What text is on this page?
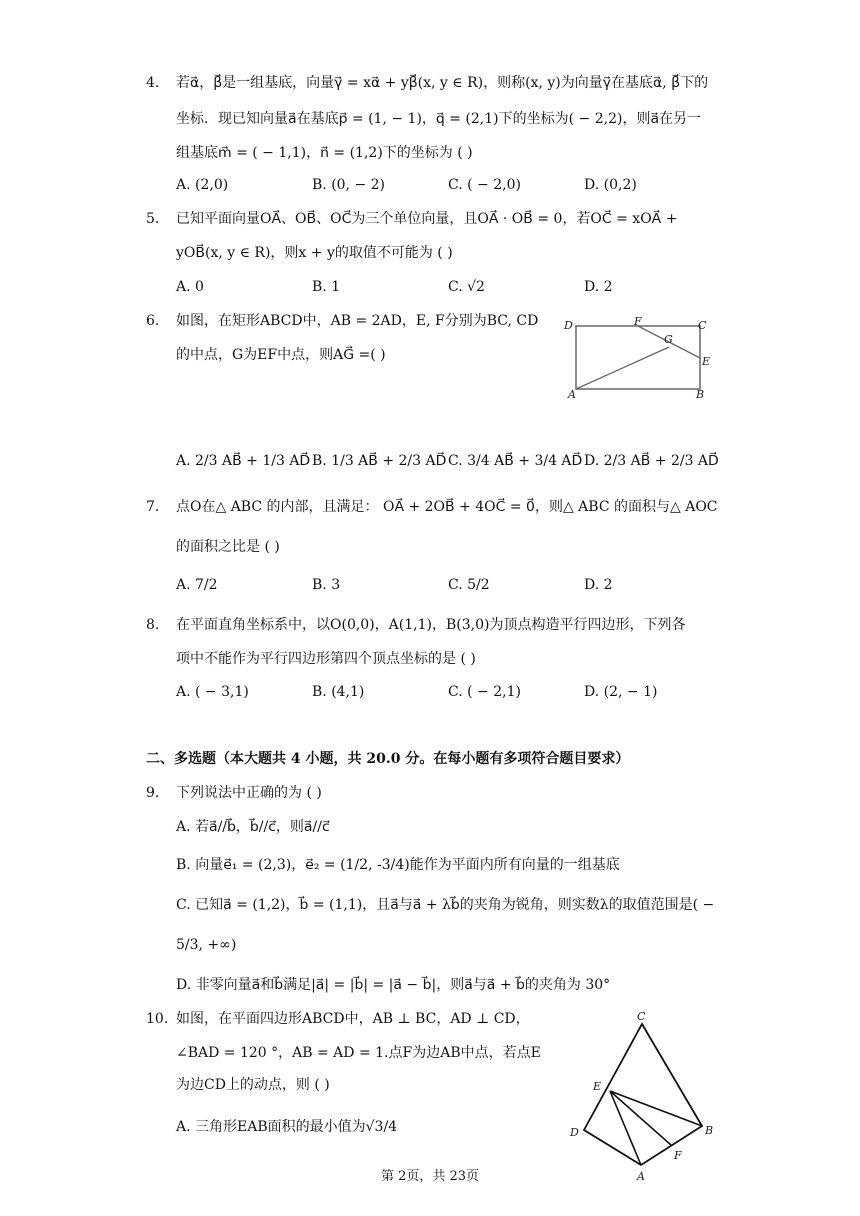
4. 若α⃗，β⃗是一组基底，向量γ⃗ = xα⃗ + yβ⃗(x, y ∈ R)，则称(x, y)为向量γ⃗在基底α⃗, β⃗下的
坐标．现已知向量a⃗在基底p⃗ = (1, − 1)，q⃗ = (2,1)下的坐标为( − 2,2)，则a⃗在另一
组基底m⃗ = ( − 1,1)，n⃗ = (1,2)下的坐标为 ( )
A. (2,0)	B. (0, − 2)	C. ( − 2,0)	D. (0,2)
5. 已知平面向量OA⃗、OB⃗、OC⃗为三个单位向量，且OA⃗ · OB⃗ = 0，若OC⃗ = xOA⃗ +
yOB⃗(x, y ∈ R)，则x + y的取值不可能为 ( )
A. 0	B. 1	C. √2	D. 2
6. 如图，在矩形ABCD中，AB = 2AD，E, F分别为BC, CD
的中点，G为EF中点，则AG⃗ =( )
D	F	C
G
E
A	B
A. 2/3 AB⃗ + 1/3 AD⃗ B. 1/3 AB⃗ + 2/3 AD⃗ C. 3/4 AB⃗ + 3/4 AD⃗ D. 2/3 AB⃗ + 2/3 AD⃗
7. 点O在△ ABC 的内部，且满足： OA⃗ + 2OB⃗ + 4OC⃗ = 0⃗，则△ ABC 的面积与△ AOC
的面积之比是 ( )
A. 7/2	B. 3	C. 5/2	D. 2
8. 在平面直角坐标系中，以O(0,0)，A(1,1)，B(3,0)为顶点构造平行四边形，下列各
项中不能作为平行四边形第四个顶点坐标的是 ( )
A. ( − 3,1)	B. (4,1)	C. ( − 2,1)	D. (2, − 1)
二、多选题（本大题共 4 小题，共 20.0 分。在每小题有多项符合题目要求）
9. 下列说法中正确的为 ( )
A. 若a⃗//b⃗，b⃗//c⃗，则a⃗//c⃗
B. 向量e⃗₁ = (2,3)，e⃗₂ = (1/2, -3/4)能作为平面内所有向量的一组基底
C. 已知a⃗ = (1,2)，b⃗ = (1,1)，且a⃗与a⃗ + λb⃗的夹角为锐角，则实数λ的取值范围是( −
5/3, +∞)
D. 非零向量a⃗和b⃗满足|a⃗| = |b⃗| = |a⃗ − b⃗|，则a⃗与a⃗ + b⃗的夹角为 30°
10. 如图，在平面四边形ABCD中，AB ⊥ BC，AD ⊥ CD，
∠BAD = 120 °，AB = AD = 1.点F为边AB中点，若点E
为边CD上的动点，则 ( )
A. 三角形EAB面积的最小值为√3/4
C
E
D	B
F
A
第 2页，共 23页
